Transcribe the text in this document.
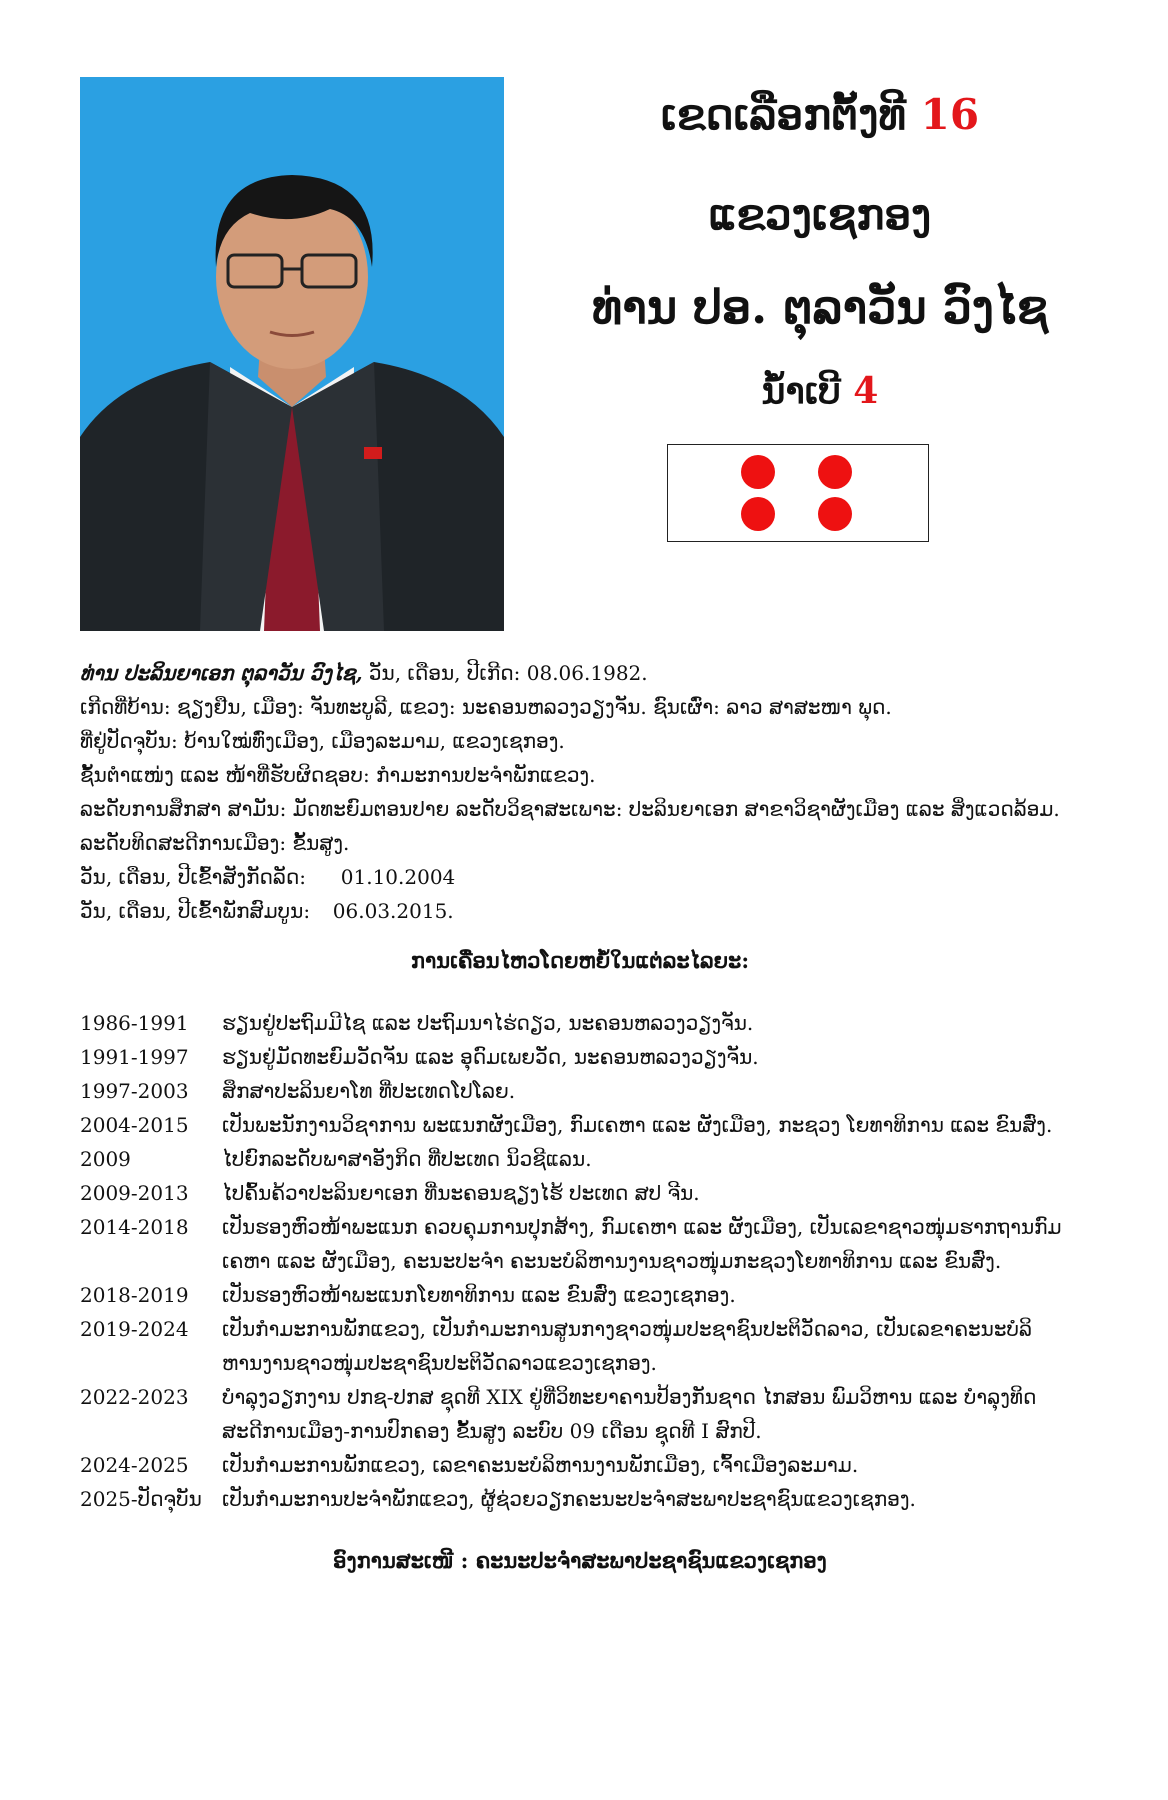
ເຂດເລືອກຕັ້ງທີ 16
ແຂວງເຊກອງ
ທ່ານ ປອ. ຕຸລາວັນ ວົງໄຊ
ນໍ້າເບີ 4
ທ່ານ ປະລິນຍາເອກ ຕຸລາວັນ ວົງໄຊ, ວັນ, ເດືອນ, ປີເກີດ: 08.06.1982.
ເກີດທີ່ບ້ານ: ຊຽງຢືນ, ເມືອງ: ຈັນທະບູລີ, ແຂວງ: ນະຄອນຫລວງວຽງຈັນ. ຊົນເຜົ່າ: ລາວ ສາສະໜາ ພຸດ.
ທີ່ຢູ່ປັດຈຸບັນ: ບ້ານໃໝ່ທົ່ງເມືອງ, ເມືອງລະມາມ, ແຂວງເຊກອງ.
ຊັ້ນຕຳແໜ່ງ ແລະ ໜ້າທີ່ຮັບຜິດຊອບ: ກຳມະການປະຈຳພັກແຂວງ.
ລະດັບການສຶກສາ ສາມັນ: ມັດທະຍົມຕອນປາຍ ລະດັບວິຊາສະເພາະ: ປະລິນຍາເອກ ສາຂາວິຊາຜັງເມືອງ ແລະ ສິ່ງແວດລ້ອມ.
ລະດັບທິດສະດີການເມືອງ: ຂັ້ນສູງ.
ວັນ, ເດືອນ, ປີເຂົ້າສັງກັດລັດ: 01.10.2004
ວັນ, ເດືອນ, ປີເຂົ້າພັກສົມບູນ: 06.03.2015.
ການເຄື່ອນໄຫວໂດຍຫຍໍ້ໃນແຕ່ລະໄລຍະ:
1986-1991	ຮຽນຢູ່ປະຖົມມີໄຊ ແລະ ປະຖົມນາໄຮ່ດຽວ, ນະຄອນຫລວງວຽງຈັນ.
1991-1997	ຮຽນຢູ່ມັດທະຍົມວັດຈັນ ແລະ ອຸດົມເພຍວັດ, ນະຄອນຫລວງວຽງຈັນ.
1997-2003	ສຶກສາປະລິນຍາໂທ ທີ່ປະເທດໂປໂລຍ.
2004-2015	ເປັນພະນັກງານວິຊາການ ພະແນກຜັງເມືອງ, ກົມເຄຫາ ແລະ ຜັງເມືອງ, ກະຊວງ ໂຍທາທິການ ແລະ ຂົນສົ່ງ.
2009	ໄປຍົກລະດັບພາສາອັງກິດ ທີ່ປະເທດ ນິວຊີແລນ.
2009-2013	ໄປຄົ້ນຄ້ວາປະລິນຍາເອກ ທີ່ນະຄອນຊຽງໄຮ້ ປະເທດ ສປ ຈີນ.
2014-2018	ເປັນຮອງຫົວໜ້າພະແນກ ຄວບຄຸມການປຸກສ້າງ, ກົມເຄຫາ ແລະ ຜັງເມືອງ, ເປັນເລຂາຊາວໜຸ່ມຮາກຖານກົມ
ເຄຫາ ແລະ ຜັງເມືອງ, ຄະນະປະຈຳ ຄະນະບໍລິຫານງານຊາວໜຸ່ມກະຊວງໂຍທາທິການ ແລະ ຂົນສົ່ງ.
2018-2019	ເປັນຮອງຫົວໜ້າພະແນກໂຍທາທິການ ແລະ ຂົນສົ່ງ ແຂວງເຊກອງ.
2019-2024	ເປັນກຳມະການພັກແຂວງ, ເປັນກຳມະການສູນກາງຊາວໜຸ່ມປະຊາຊົນປະຕິວັດລາວ, ເປັນເລຂາຄະນະບໍລິ
ຫານງານຊາວໜຸ່ມປະຊາຊົນປະຕິວັດລາວແຂວງເຊກອງ.
2022-2023	ບຳລຸງວຽກງານ ປກຊ-ປກສ ຊຸດທີ XIX ຢູ່ທີ່ວິທະຍາຄານປ້ອງກັນຊາດ ໄກສອນ ພົມວິຫານ ແລະ ບຳລຸງທິດ
ສະດີການເມືອງ-ການປົກຄອງ ຂັ້ນສູງ ລະບົບ 09 ເດືອນ ຊຸດທີ I ສົກປີ.
2024-2025	ເປັນກຳມະການພັກແຂວງ, ເລຂາຄະນະບໍລິຫານງານພັກເມືອງ, ເຈົ້າເມືອງລະມາມ.
2025-ປັດຈຸບັນ	ເປັນກຳມະການປະຈຳພັກແຂວງ, ຜູ້ຊ່ວຍວຽກຄະນະປະຈຳສະພາປະຊາຊົນແຂວງເຊກອງ.
ອົງການສະເໜີ : ຄະນະປະຈຳສະພາປະຊາຊົນແຂວງເຊກອງ
